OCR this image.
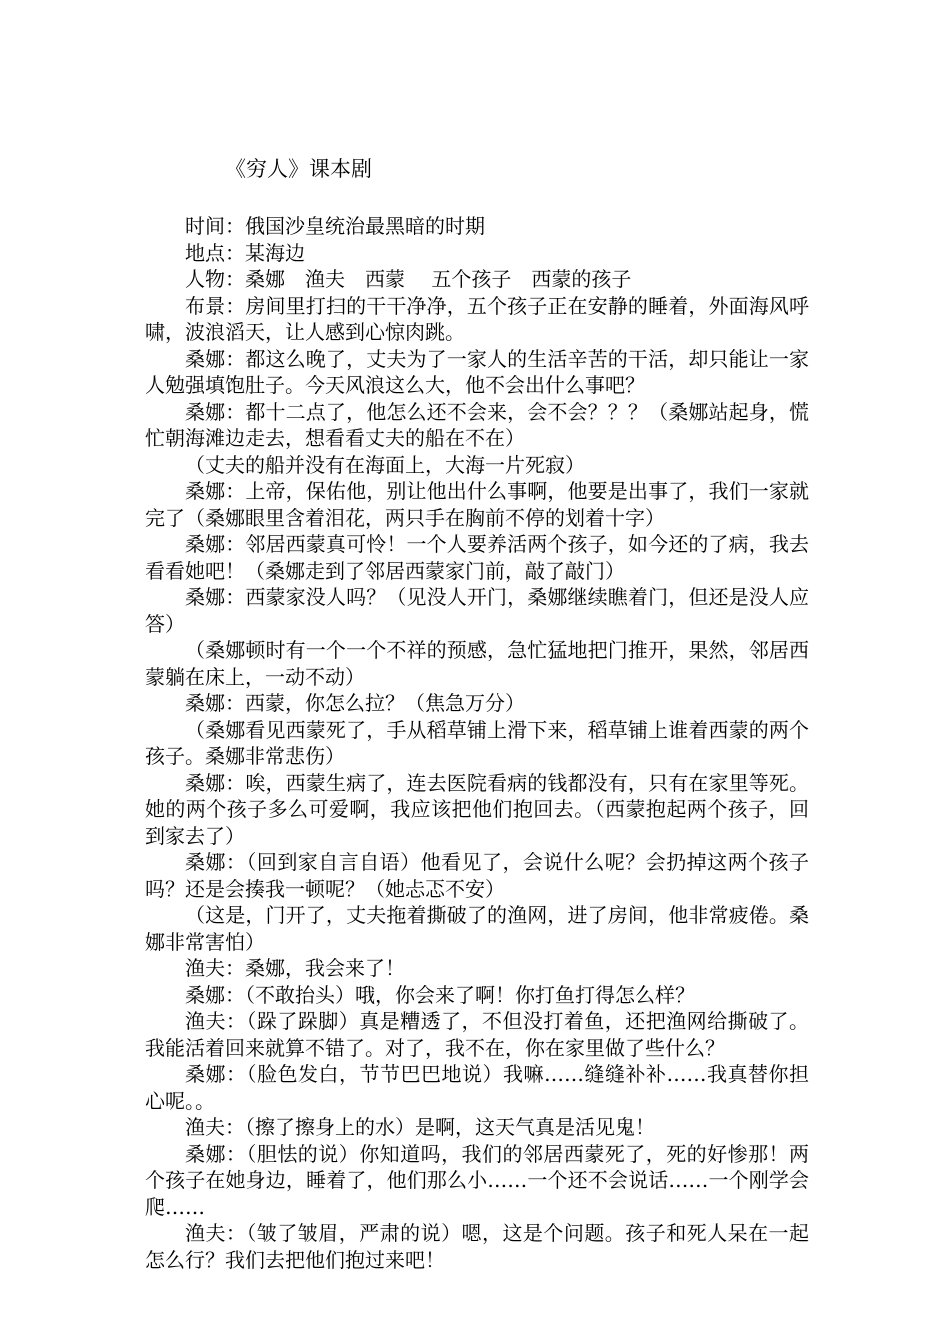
《穷人》课本剧

时间：俄国沙皇统治最黑暗的时期

地点：某海边

人物：桑娜　渔夫　西蒙　 五个孩子　西蒙的孩子

布景：房间里打扫的干干净净，五个孩子正在安静的睡着，外面海风呼啸，波浪滔天，让人感到心惊肉跳。

桑娜：都这么晚了，丈夫为了一家人的生活辛苦的干活，却只能让一家人勉强填饱肚子。今天风浪这么大，他不会出什么事吧？

桑娜：都十二点了，他怎么还不会来，会不会？？？（桑娜站起身，慌忙朝海滩边走去，想看看丈夫的船在不在）

（丈夫的船并没有在海面上，大海一片死寂）

桑娜：上帝，保佑他，别让他出什么事啊，他要是出事了，我们一家就完了（桑娜眼里含着泪花，两只手在胸前不停的划着十字）

桑娜：邻居西蒙真可怜！一个人要养活两个孩子，如今还的了病，我去看看她吧！（桑娜走到了邻居西蒙家门前，敲了敲门）

桑娜：西蒙家没人吗？（见没人开门，桑娜继续瞧着门，但还是没人应答）

（桑娜顿时有一个一个不祥的预感，急忙猛地把门推开，果然，邻居西蒙躺在床上，一动不动）

桑娜：西蒙，你怎么拉？（焦急万分）

（桑娜看见西蒙死了，手从稻草铺上滑下来，稻草铺上谁着西蒙的两个孩子。桑娜非常悲伤）

桑娜：唉，西蒙生病了，连去医院看病的钱都没有，只有在家里等死。她的两个孩子多么可爱啊，我应该把他们抱回去。（西蒙抱起两个孩子，回到家去了）

桑娜：（回到家自言自语）他看见了，会说什么呢？会扔掉这两个孩子吗？还是会揍我一顿呢？（她忐忑不安）

（这是，门开了，丈夫拖着撕破了的渔网，进了房间，他非常疲倦。桑娜非常害怕）

渔夫：桑娜，我会来了！

桑娜：（不敢抬头）哦，你会来了啊！你打鱼打得怎么样？

渔夫：（跺了跺脚）真是糟透了，不但没打着鱼，还把渔网给撕破了。我能活着回来就算不错了。对了，我不在，你在家里做了些什么？

桑娜：（脸色发白，节节巴巴地说）我嘛……缝缝补补……我真替你担心呢。。

渔夫：（擦了擦身上的水）是啊，这天气真是活见鬼！

桑娜：（胆怯的说）你知道吗，我们的邻居西蒙死了，死的好惨那！两个孩子在她身边，睡着了，他们那么小……一个还不会说话……一个刚学会爬……

渔夫：（皱了皱眉，严肃的说）嗯，这是个问题。孩子和死人呆在一起怎么行？我们去把他们抱过来吧！
